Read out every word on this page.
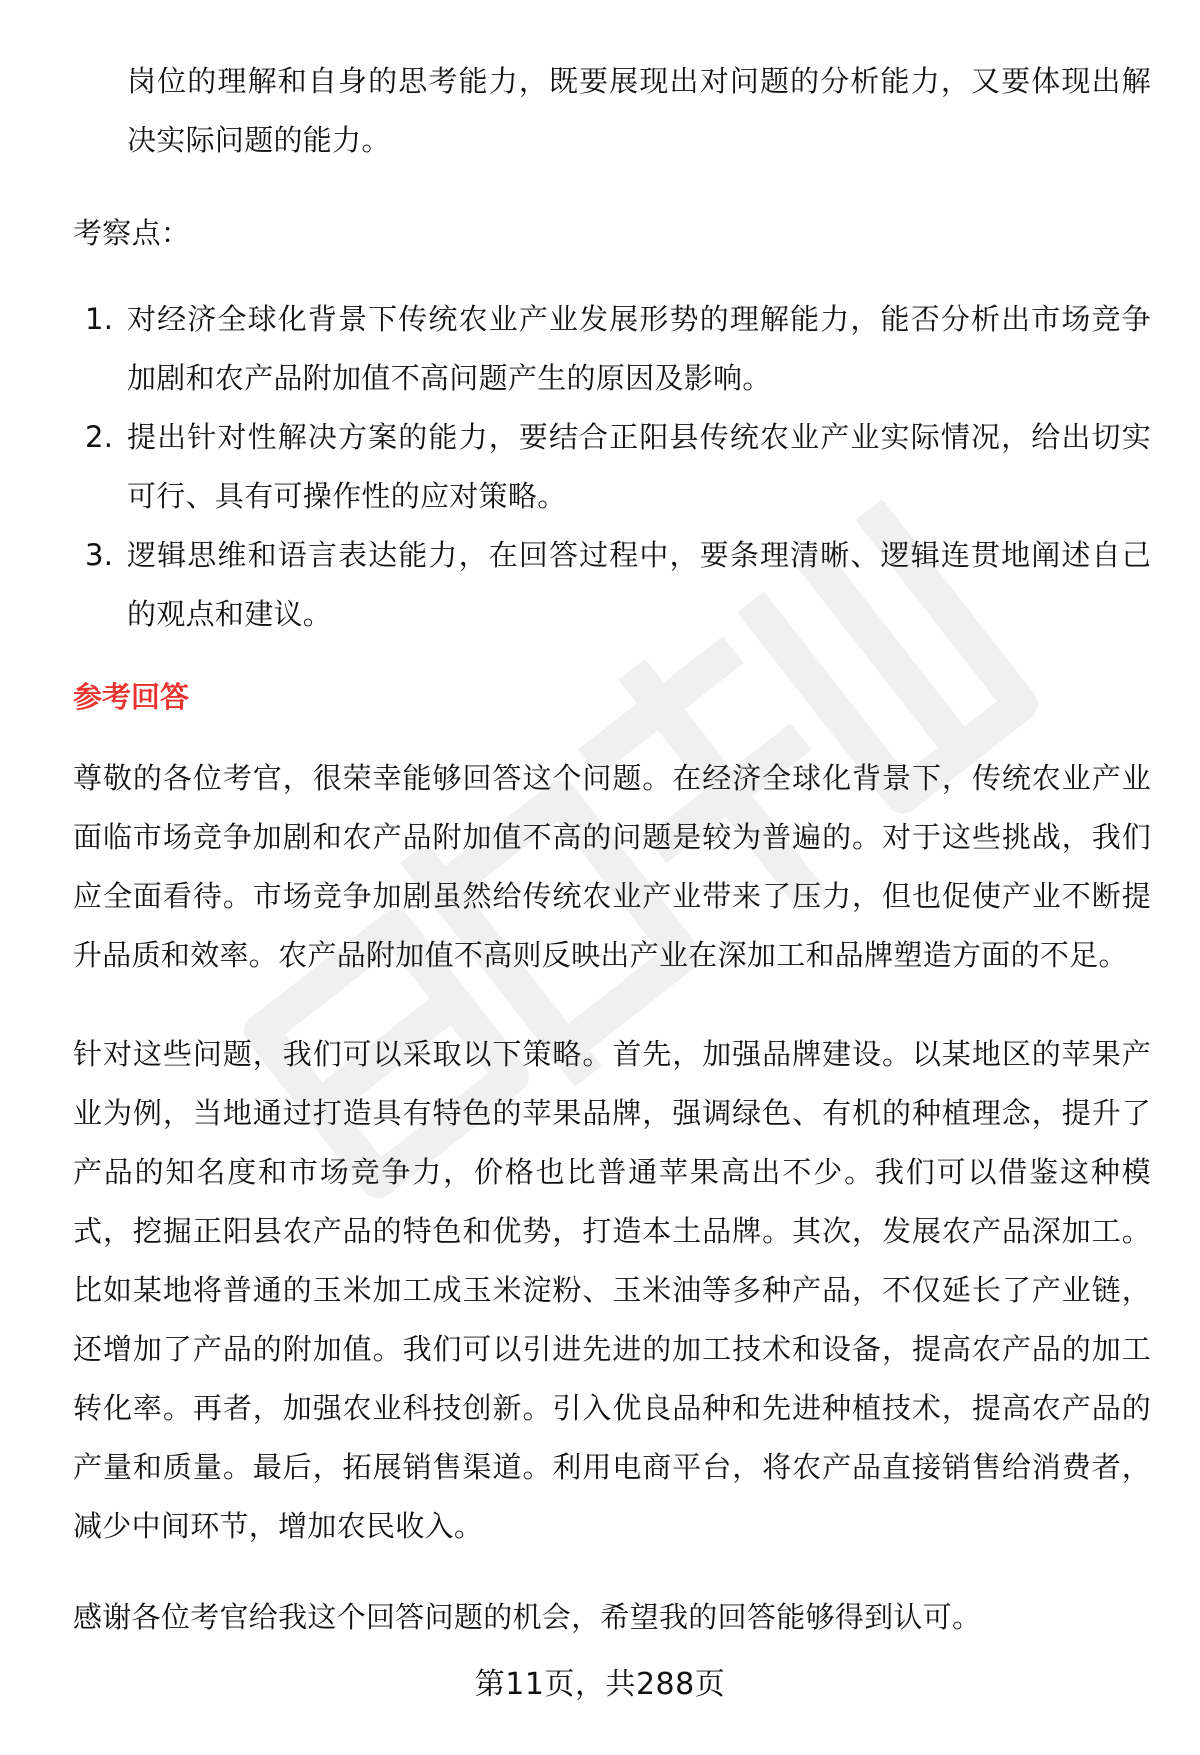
岗位的理解和自身的思考能力，既要展现出对问题的分析能力，又要体现出解决实际问题的能力。

考察点：

1. 对经济全球化背景下传统农业产业发展形势的理解能力，能否分析出市场竞争加剧和农产品附加值不高问题产生的原因及影响。
2. 提出针对性解决方案的能力，要结合正阳县传统农业产业实际情况，给出切实可行、具有可操作性的应对策略。
3. 逻辑思维和语言表达能力，在回答过程中，要条理清晰、逻辑连贯地阐述自己的观点和建议。
参考回答

尊敬的各位考官，很荣幸能够回答这个问题。在经济全球化背景下，传统农业产业面临市场竞争加剧和农产品附加值不高的问题是较为普遍的。对于这些挑战，我们应全面看待。市场竞争加剧虽然给传统农业产业带来了压力，但也促使产业不断提升品质和效率。农产品附加值不高则反映出产业在深加工和品牌塑造方面的不足。

针对这些问题，我们可以采取以下策略。首先，加强品牌建设。以某地区的苹果产业为例，当地通过打造具有特色的苹果品牌，强调绿色、有机的种植理念，提升了产品的知名度和市场竞争力，价格也比普通苹果高出不少。我们可以借鉴这种模式，挖掘正阳县农产品的特色和优势，打造本土品牌。其次，发展农产品深加工。比如某地将普通的玉米加工成玉米淀粉、玉米油等多种产品，不仅延长了产业链，还增加了产品的附加值。我们可以引进先进的加工技术和设备，提高农产品的加工转化率。再者，加强农业科技创新。引入优良品种和先进种植技术，提高农产品的产量和质量。最后，拓展销售渠道。利用电商平台，将农产品直接销售给消费者，减少中间环节，增加农民收入。

感谢各位考官给我这个回答问题的机会，希望我的回答能够得到认可。

第11页，共288页
